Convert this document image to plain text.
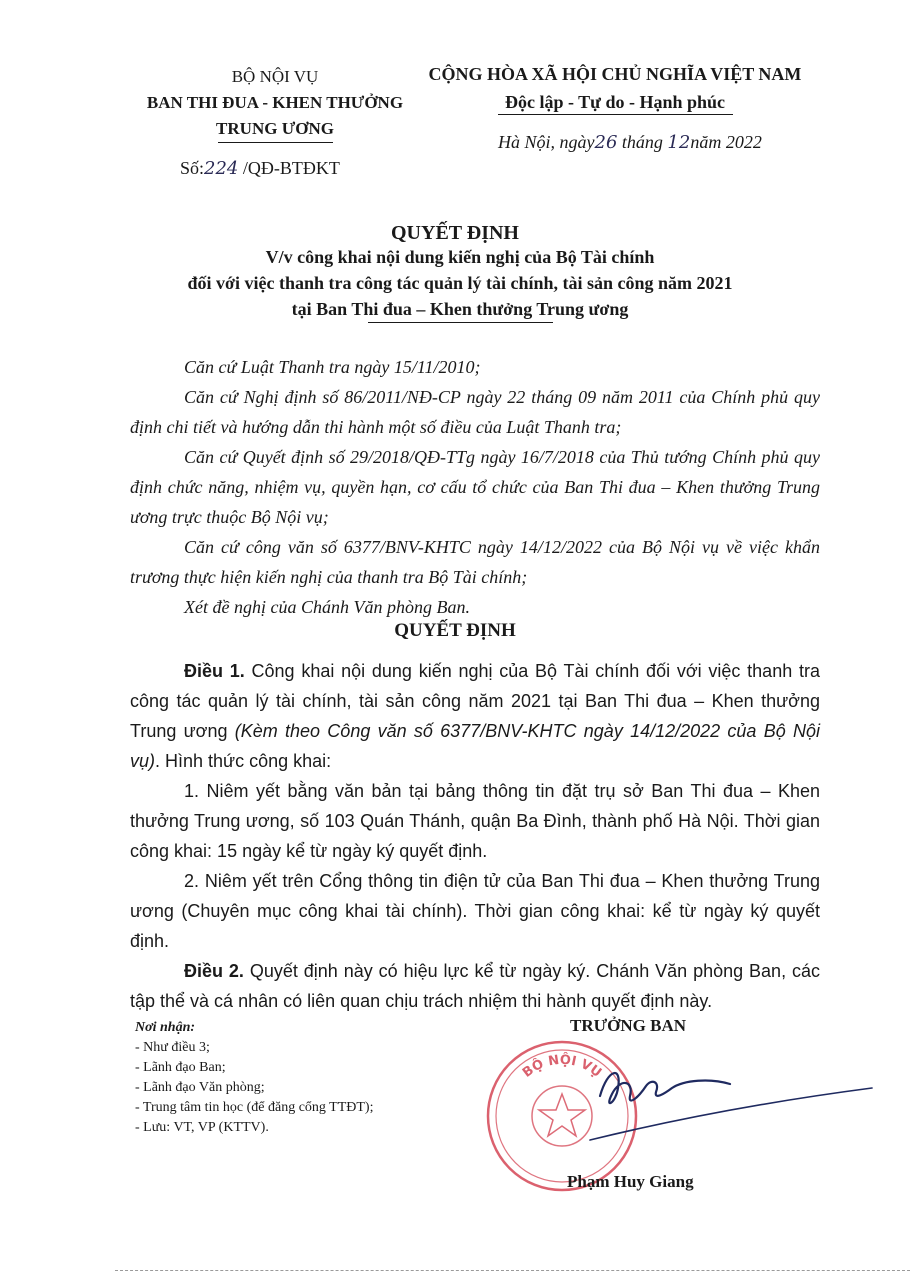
BỘ NỘI VỤ
BAN THI ĐUA - KHEN THƯỞNG
TRUNG ƯƠNG
Số:224 /QĐ-BTĐKT
CỘNG HÒA XÃ HỘI CHỦ NGHĨA VIỆT NAM
Độc lập - Tự do - Hạnh phúc
Hà Nội, ngày26 tháng 12năm 2022
QUYẾT ĐỊNH
V/v công khai nội dung kiến nghị của Bộ Tài chính
đối với việc thanh tra công tác quản lý tài chính, tài sản công năm 2021
tại Ban Thi đua – Khen thưởng Trung ương

Căn cứ Luật Thanh tra ngày 15/11/2010;

Căn cứ Nghị định số 86/2011/NĐ-CP ngày 22 tháng 09 năm 2011 của Chính phủ quy định chi tiết và hướng dẫn thi hành một số điều của Luật Thanh tra;

Căn cứ Quyết định số 29/2018/QĐ-TTg ngày 16/7/2018 của Thủ tướng Chính phủ quy định chức năng, nhiệm vụ, quyền hạn, cơ cấu tổ chức của Ban Thi đua – Khen thưởng Trung ương trực thuộc Bộ Nội vụ;

Căn cứ công văn số 6377/BNV-KHTC ngày 14/12/2022 của Bộ Nội vụ về việc khẩn trương thực hiện kiến nghị của thanh tra Bộ Tài chính;

Xét đề nghị của Chánh Văn phòng Ban.

QUYẾT ĐỊNH

Điều 1. Công khai nội dung kiến nghị của Bộ Tài chính đối với việc thanh tra công tác quản lý tài chính, tài sản công năm 2021 tại Ban Thi đua – Khen thưởng Trung ương (Kèm theo Công văn số 6377/BNV-KHTC ngày 14/12/2022 của Bộ Nội vụ). Hình thức công khai:

1. Niêm yết bằng văn bản tại bảng thông tin đặt trụ sở Ban Thi đua – Khen thưởng Trung ương, số 103 Quán Thánh, quận Ba Đình, thành phố Hà Nội. Thời gian công khai: 15 ngày kể từ ngày ký quyết định.

2. Niêm yết trên Cổng thông tin điện tử của Ban Thi đua – Khen thưởng Trung ương (Chuyên mục công khai tài chính). Thời gian công khai: kể từ ngày ký quyết định.

Điều 2. Quyết định này có hiệu lực kể từ ngày ký. Chánh Văn phòng Ban, các tập thể và cá nhân có liên quan chịu trách nhiệm thi hành quyết định này.

Nơi nhận:
- Như điều 3;
- Lãnh đạo Ban;
- Lãnh đạo Văn phòng;
- Trung tâm tin học (để đăng cổng TTĐT);
- Lưu: VT, VP (KTTV).
TRƯỞNG BAN
BỘ NỘI VỤ
Phạm Huy Giang
